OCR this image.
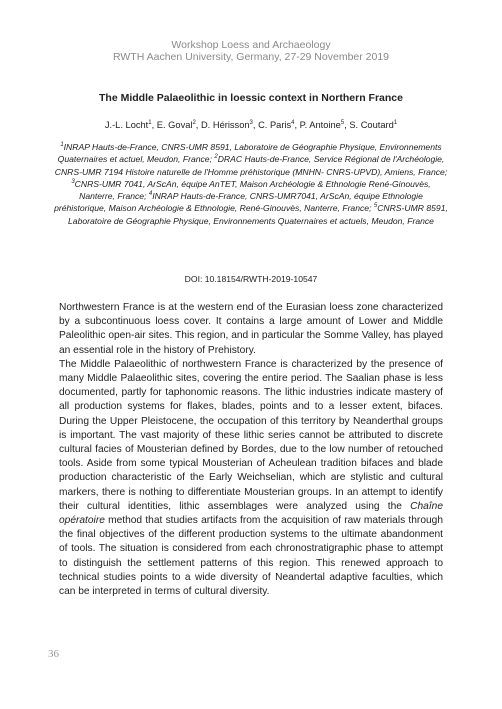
Workshop Loess and Archaeology
RWTH Aachen University, Germany, 27-29 November 2019
The Middle Palaeolithic in loessic context in Northern France
J.-L. Locht$^1$, E. Goval$^2$, D. Hérisson$^3$, C. Paris$^4$, P. Antoine$^5$, S. Coutard$^1$
$^1$INRAP Hauts-de-France, CNRS-UMR 8591, Laboratoire de Géographie Physique, Environnements Quaternaires et actuel, Meudon, France; $^2$DRAC Hauts-de-France, Service Régional de l'Archéologie, CNRS-UMR 7194 Histoire naturelle de l'Homme préhistorique (MNHN- CNRS-UPVD), Amiens, France; $^3$CNRS-UMR 7041, ArScAn, équipe AnTET, Maison Archéologie & Ethnologie René-Ginouvès, Nanterre, France; $^4$INRAP Hauts-de-France, CNRS-UMR7041, ArScAn, équipe Ethnologie préhistorique, Maison Archéologie & Ethnologie, René-Ginouvès, Nanterre, France; $^5$CNRS-UMR 8591, Laboratoire de Géographie Physique, Environnements Quaternaires et actuels, Meudon, France
DOI: 10.18154/RWTH-2019-10547

Northwestern France is at the western end of the Eurasian loess zone characterized by a subcontinuous loess cover. It contains a large amount of Lower and Middle Paleolithic open-air sites. This region, and in particular the Somme Valley, has played an essential role in the history of Prehistory.

The Middle Palaeolithic of northwestern France is characterized by the presence of many Middle Palaeolithic sites, covering the entire period. The Saalian phase is less documented, partly for taphonomic reasons. The lithic industries indicate mastery of all production systems for flakes, blades, points and to a lesser extent, bifaces. During the Upper Pleistocene, the occupation of this territory by Neanderthal groups is important. The vast majority of these lithic series cannot be attributed to discrete cultural facies of Mousterian defined by Bordes, due to the low number of retouched tools. Aside from some typical Mousterian of Acheulean tradition bifaces and blade production characteristic of the Early Weichselian, which are stylistic and cultural markers, there is nothing to differentiate Mousterian groups. In an attempt to identify their cultural identities, lithic assemblages were analyzed using the Chaîne opératoire method that studies artifacts from the acquisition of raw materials through the final objectives of the different production systems to the ultimate abandonment of tools. The situation is considered from each chronostratigraphic phase to attempt to distinguish the settlement patterns of this region. This renewed approach to technical studies points to a wide diversity of Neandertal adaptive faculties, which can be interpreted in terms of cultural diversity.

36
